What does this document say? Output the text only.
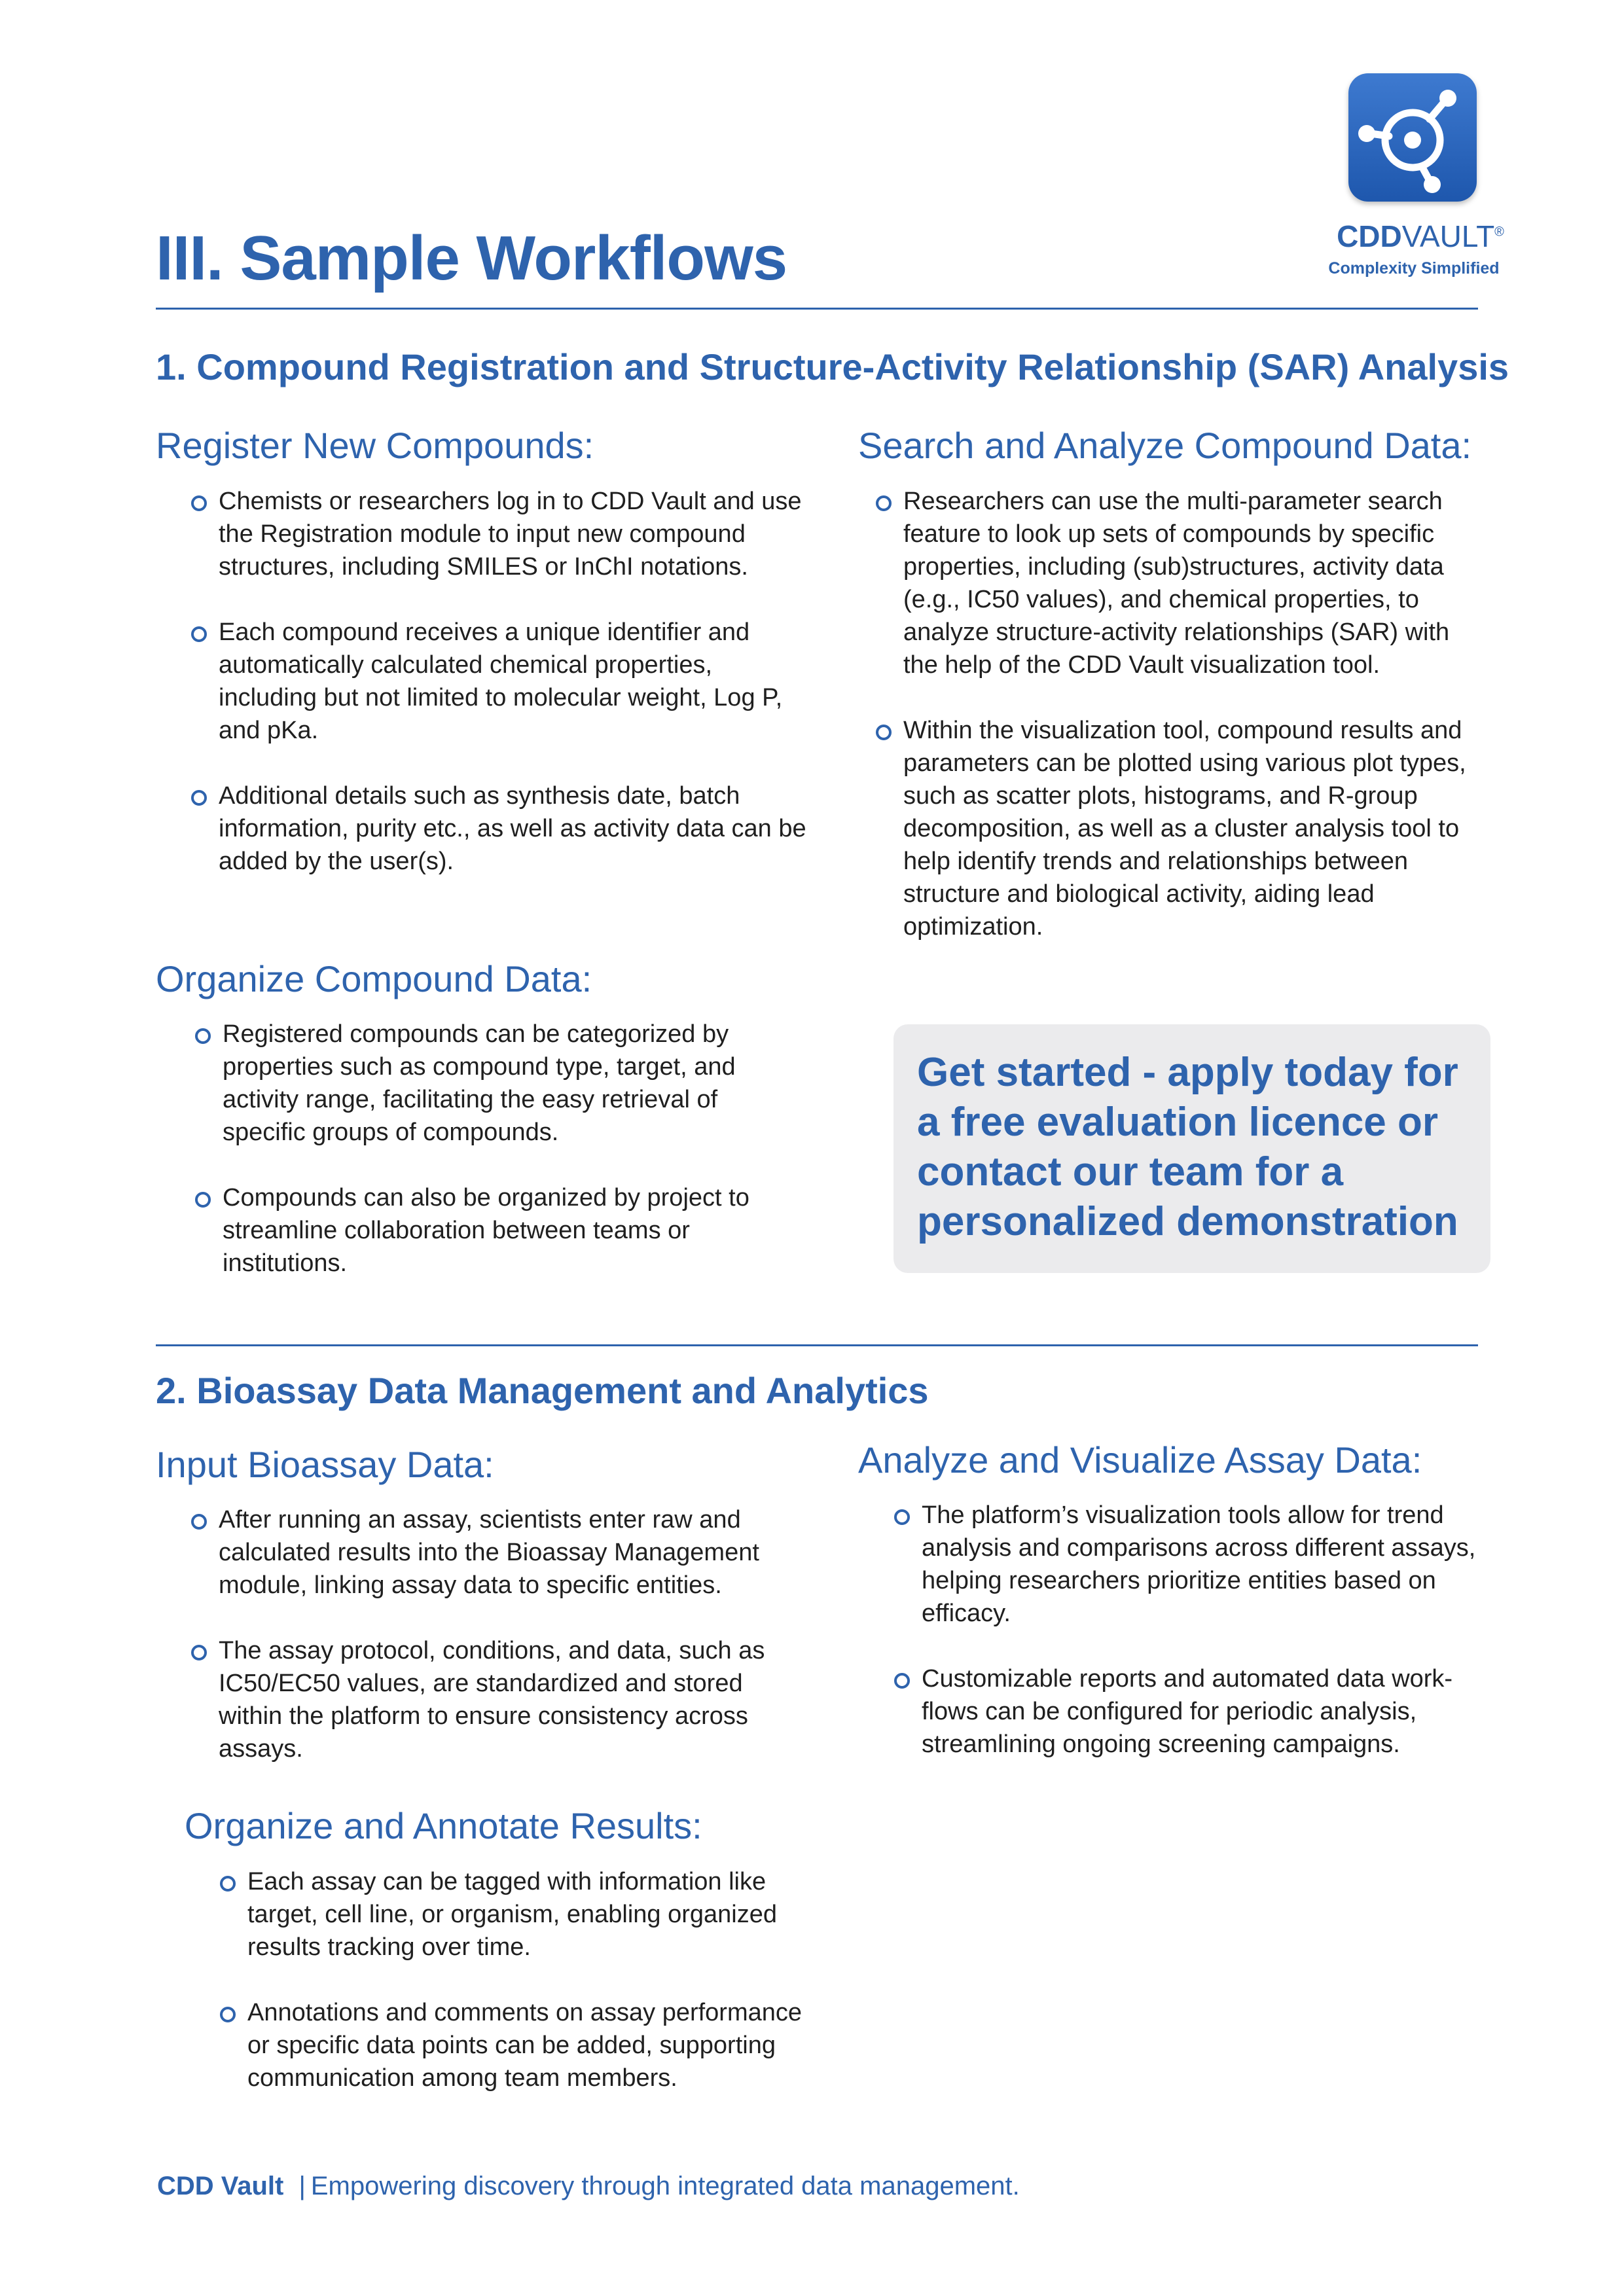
III. Sample Workflows	CDDVAULT®
Complexity Simplified
1. Compound Registration and Structure-Activity Relationship (SAR) Analysis
Register New Compounds:
Chemists or researchers log in to CDD Vault and use the Registration module to input new compound structures, including SMILES or InChI notations.
Each compound receives a unique identifier and automatically calculated chemical properties, including but not limited to molecular weight, Log P, and pKa.
Additional details such as synthesis date, batch information, purity etc., as well as activity data can be added by the user(s).
Organize Compound Data:
Registered compounds can be categorized by properties such as compound type, target, and activity range, facilitating the easy retrieval of specific groups of compounds.
Compounds can also be organized by project to streamline collaboration between teams or institutions.
Search and Analyze Compound Data:
Researchers can use the multi-parameter search feature to look up sets of compounds by specific properties, including (sub)structures, activity data (e.g., IC50 values), and chemical properties, to analyze structure-activity relationships (SAR) with the help of the CDD Vault visualization tool.
Within the visualization tool, compound results and parameters can be plotted using various plot types, such as scatter plots, histograms, and R-group decomposition, as well as a cluster analysis tool to help identify trends and relationships between structure and biological activity, aiding lead optimization.
Get started - apply today for a free evaluation licence or contact our team for a personalized demonstration
2. Bioassay Data Management and Analytics
Input Bioassay Data:
After running an assay, scientists enter raw and calculated results into the Bioassay Management module, linking assay data to specific entities.
The assay protocol, conditions, and data, such as IC50/EC50 values, are standardized and stored within the platform to ensure consistency across assays.
Organize and Annotate Results:
Each assay can be tagged with information like target, cell line, or organism, enabling organized results tracking over time.
Annotations and comments on assay performance or specific data points can be added, supporting communication among team members.
Analyze and Visualize Assay Data:
The platform’s visualization tools allow for trend analysis and comparisons across different assays, helping researchers prioritize entities based on efficacy.
Customizable reports and automated data work-flows can be configured for periodic analysis, streamlining ongoing screening campaigns.
CDD Vault | Empowering discovery through integrated data management.
